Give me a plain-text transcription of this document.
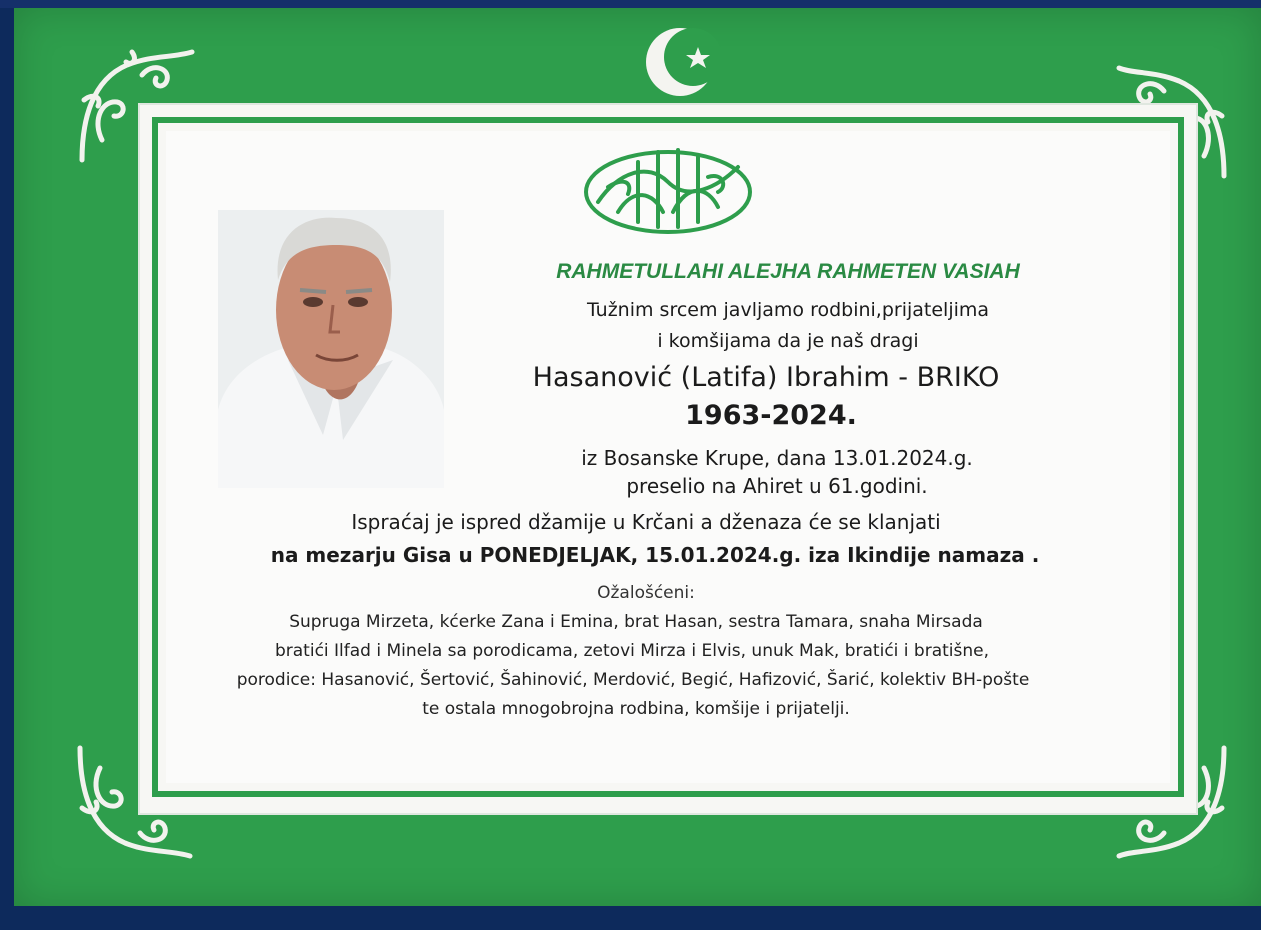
RAHMETULLAHI ALEJHA RAHMETEN VASIAH
Tužnim srcem javljamo rodbini,prijateljima
i komšijama da je naš dragi
Hasanović (Latifa) Ibrahim - BRIKO
1963-2024.
iz Bosanske Krupe, dana 13.01.2024.g.
preselio na Ahiret u 61.godini.
Ispraćaj je ispred džamije u Krčani a dženaza će se klanjati
na mezarju Gisa u PONEDJELJAK, 15.01.2024.g. iza Ikindije namaza .
Ožalošćeni:
Supruga Mirzeta, kćerke Zana i Emina, brat Hasan, sestra Tamara, snaha Mirsada
bratići Ilfad i Minela sa porodicama, zetovi Mirza i Elvis, unuk Mak, bratići i bratišne,
porodice: Hasanović, Šertović, Šahinović, Merdović, Begić, Hafizović, Šarić, kolektiv BH-pošte
te ostala mnogobrojna rodbina, komšije i prijatelji.
